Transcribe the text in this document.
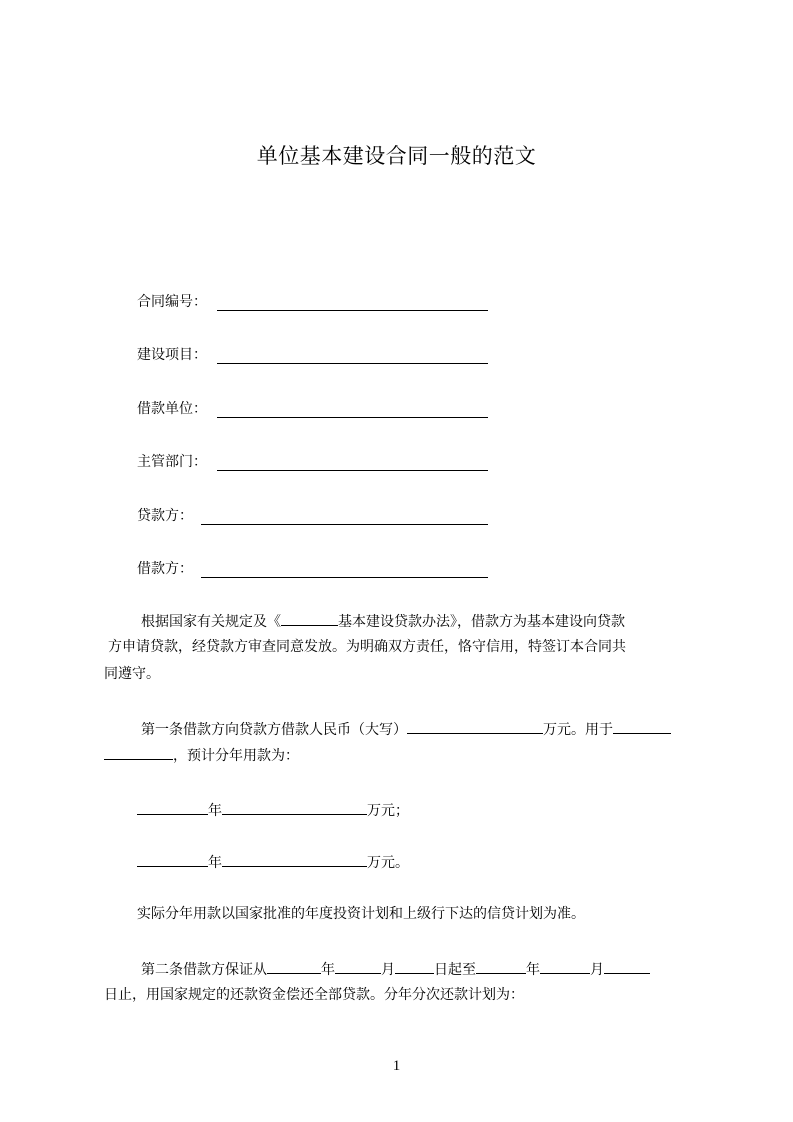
单位基本建设合同一般的范文
合同编号：
建设项目：
借款单位：
主管部门：
贷款方：
借款方：
根据国家有关规定及《	基本建设贷款办法》，借款方为基本建设向贷款
方申请贷款，经贷款方审查同意发放。为明确双方责任，恪守信用，特签订本合同共
同遵守。
第一条借款方向贷款方借款人民币（大写）	万元。用于
，预计分年用款为：
年	万元；
年	万元。
实际分年用款以国家批准的年度投资计划和上级行下达的信贷计划为准。
第二条借款方保证从	年	月	日起至	年	月
日止，用国家规定的还款资金偿还全部贷款。分年分次还款计划为：
1
